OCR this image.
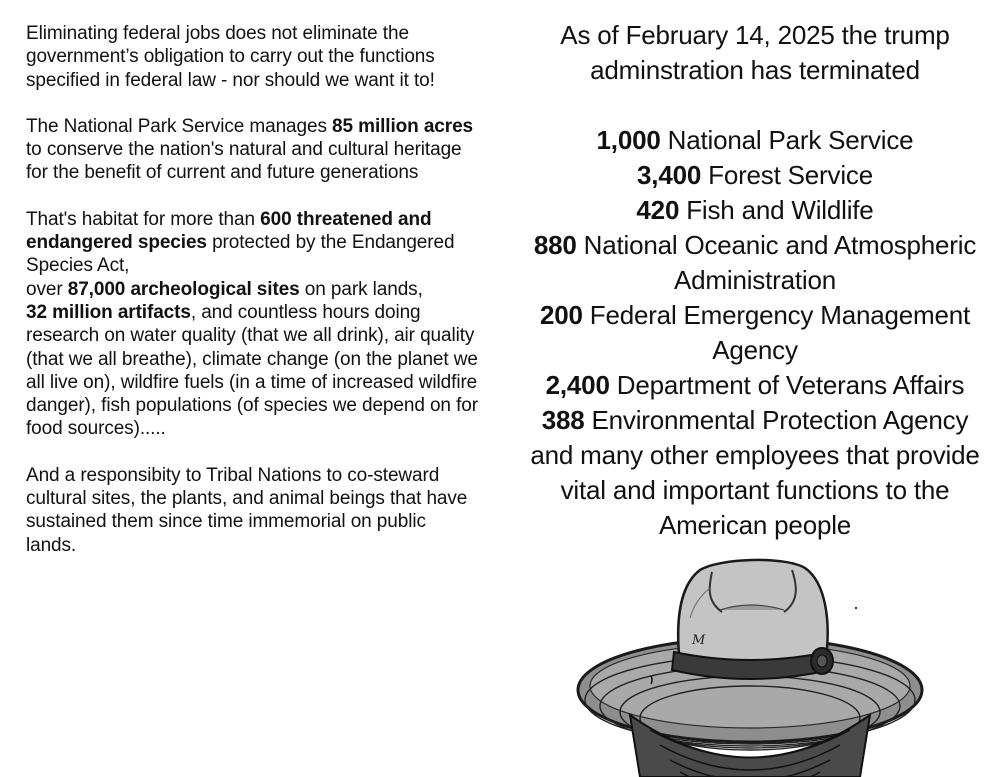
Eliminating federal jobs does not eliminate the government’s obligation to carry out the functions specified in federal law - nor should we want it to!

The National Park Service manages 85 million acres to conserve the nation's natural and cultural heritage for the benefit of current and future generations

That's habitat for more than 600 threatened and endangered species protected by the Endangered Species Act,
over 87,000 archeological sites on park lands,
32 million artifacts, and countless hours doing research on water quality (that we all drink), air quality (that we all breathe), climate change (on the planet we all live on), wildfire fuels (in a time of increased wildfire danger), fish populations (of species we depend on for food sources).....

And a responsibity to Tribal Nations to co-steward cultural sites, the plants, and animal beings that have sustained them since time immemorial on public lands.

As of February 14, 2025 the trump

adminstration has terminated

1,000 National Park Service

3,400 Forest Service

420 Fish and Wildlife

880 National Oceanic and Atmospheric Administration

200 Federal Emergency Management Agency

2,400 Department of Veterans Affairs

388 Environmental Protection Agency

and many other employees that provide vital and important functions to the American people

M
